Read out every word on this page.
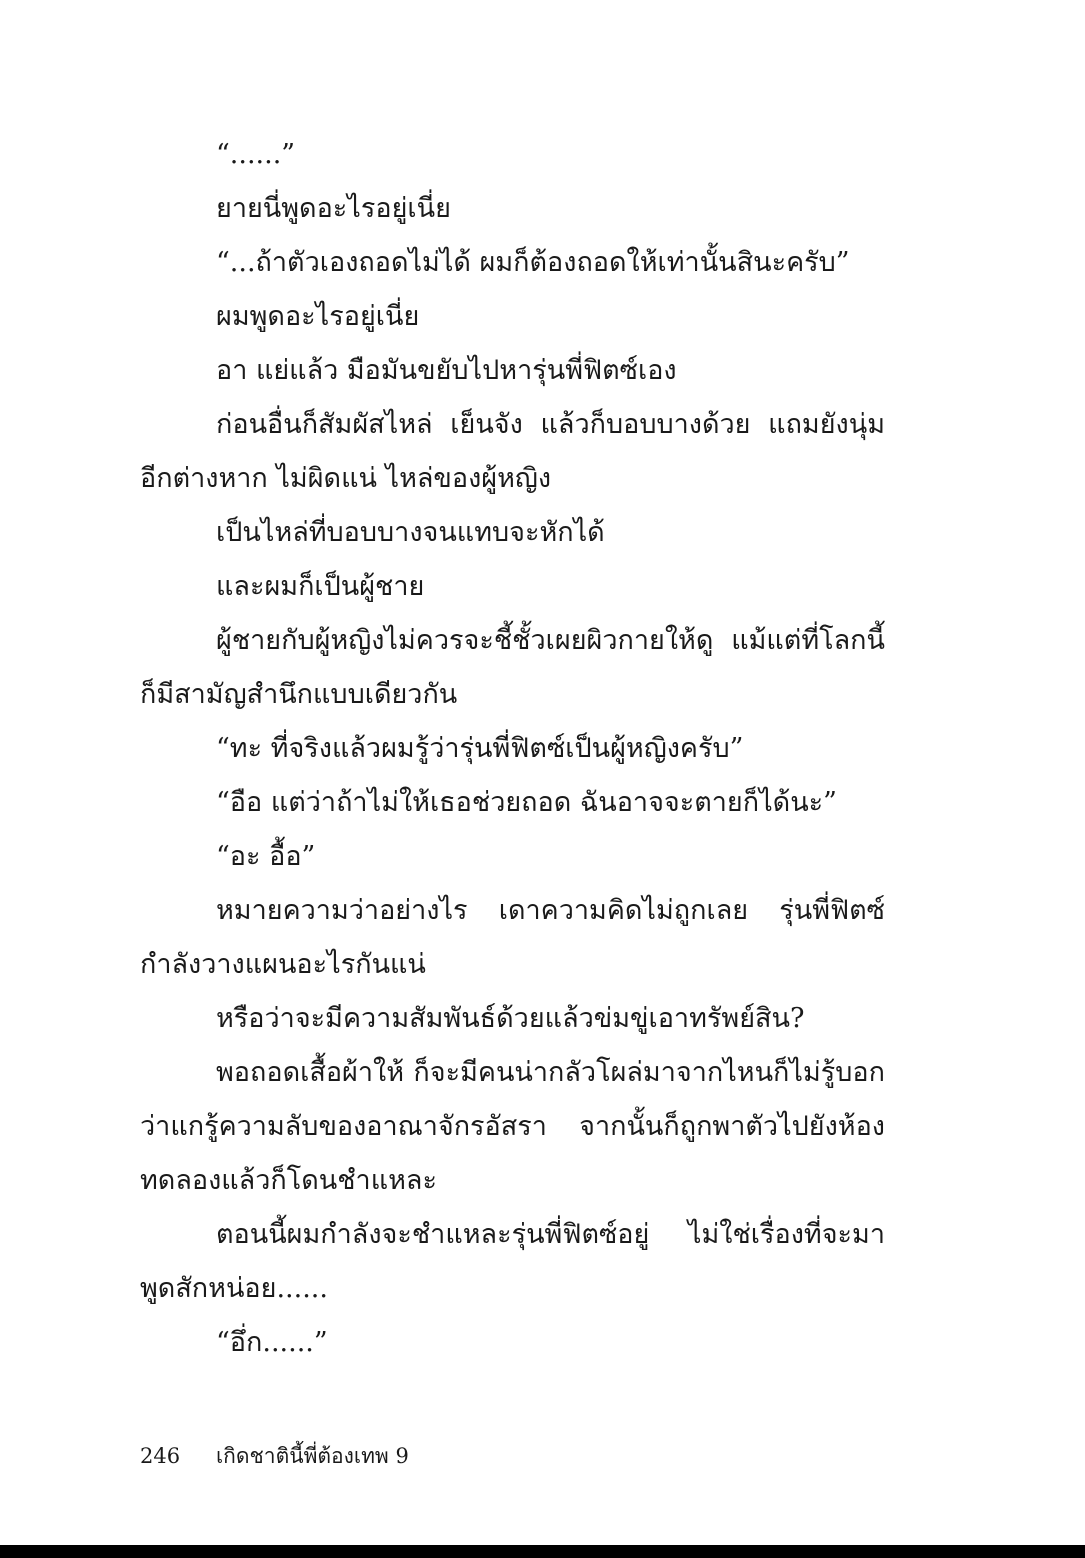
“......”

ยายนี่พูดอะไรอยู่เนี่ย

“...ถ้าตัวเองถอดไม่ได้ ผมก็ต้องถอดให้เท่านั้นสินะครับ”

ผมพูดอะไรอยู่เนี่ย

อา แย่แล้ว มือมันขยับไปหารุ่นพี่ฟิตซ์เอง

ก่อนอื่นก็สัมผัสไหล่ เย็นจัง แล้วก็บอบบางด้วย แถมยังนุ่มอีกต่างหาก ไม่ผิดแน่ ไหล่ของผู้หญิง

เป็นไหล่ที่บอบบางจนแทบจะหักได้

และผมก็เป็นผู้ชาย

ผู้ชายกับผู้หญิงไม่ควรจะชี้ชั้วเผยผิวกายให้ดู แม้แต่ที่โลกนี้ก็มีสามัญสำนึกแบบเดียวกัน

“ทะ ที่จริงแล้วผมรู้ว่ารุ่นพี่ฟิตซ์เป็นผู้หญิงครับ”

“อือ แต่ว่าถ้าไม่ให้เธอช่วยถอด ฉันอาจจะตายก็ได้นะ”

“อะ อื้อ”

หมายความว่าอย่างไร เดาความคิดไม่ถูกเลย รุ่นพี่ฟิตซ์กำลังวางแผนอะไรกันแน่

หรือว่าจะมีความสัมพันธ์ด้วยแล้วข่มขู่เอาทรัพย์สิน?

พอถอดเสื้อผ้าให้ ก็จะมีคนน่ากลัวโผล่มาจากไหนก็ไม่รู้บอกว่าแกรู้ความลับของอาณาจักรอัสรา จากนั้นก็ถูกพาตัวไปยังห้องทดลองแล้วก็โดนชำแหละ

ตอนนี้ผมกำลังจะชำแหละรุ่นพี่ฟิตซ์อยู่ ไม่ใช่เรื่องที่จะมาพูดสักหน่อย......

“อึ่ก......”

246 เกิดชาตินี้พี่ต้องเทพ 9
